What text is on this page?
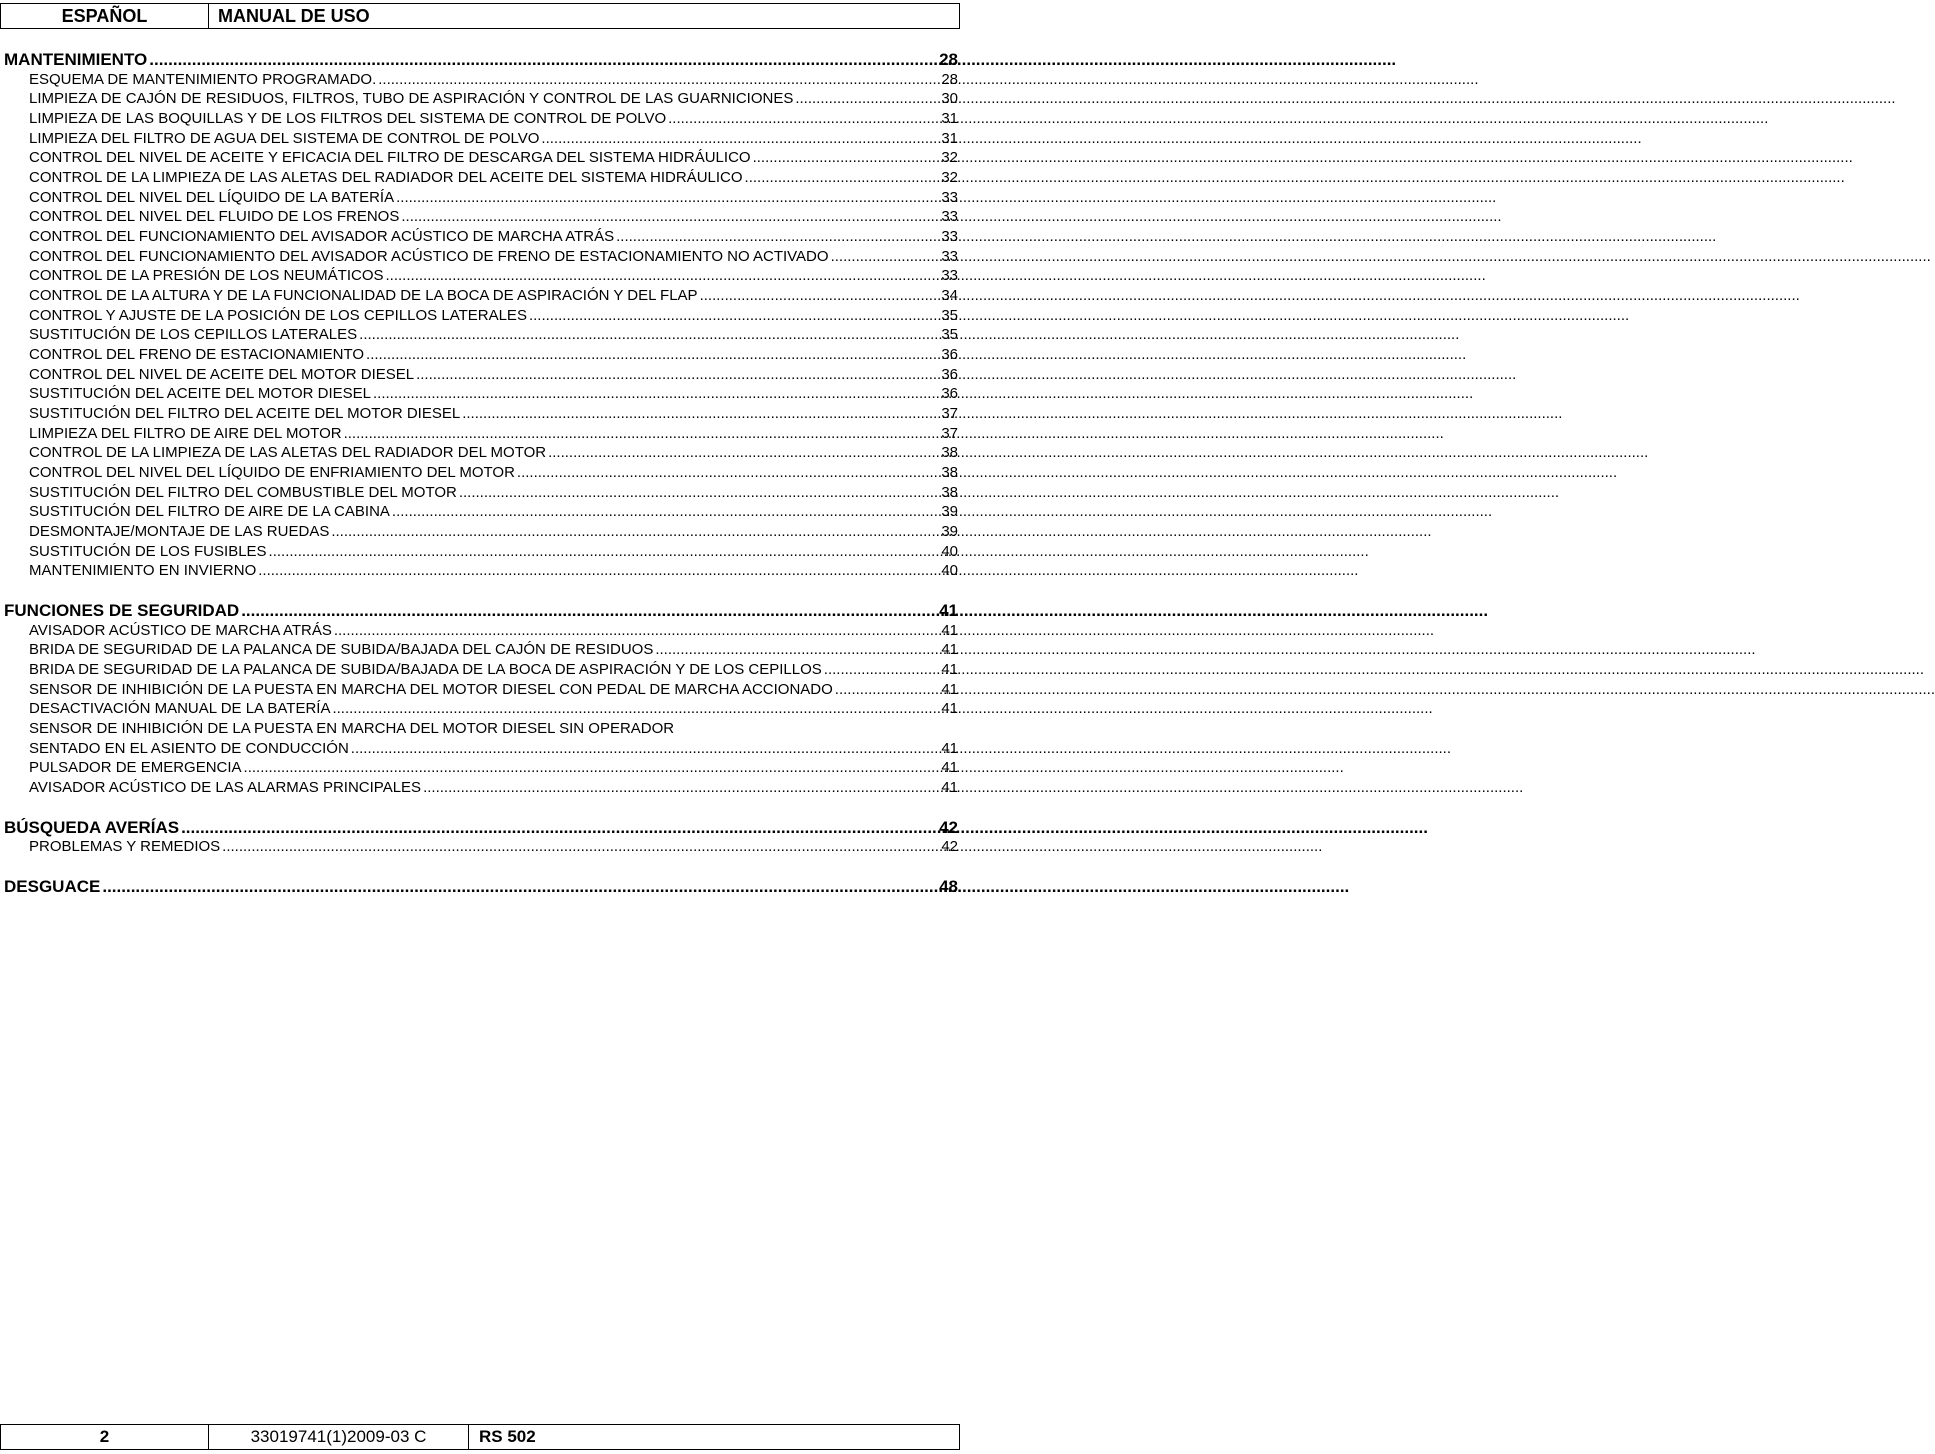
ESPAÑOL	MANUAL DE USO
MANTENIMIENTO .....	28
ESQUEMA DE MANTENIMIENTO PROGRAMADO. .....	28
LIMPIEZA DE CAJÓN DE RESIDUOS, FILTROS, TUBO DE ASPIRACIÓN Y CONTROL DE LAS GUARNICIONES .....	30
LIMPIEZA DE LAS BOQUILLAS Y DE LOS FILTROS DEL SISTEMA DE CONTROL DE POLVO .....	31
LIMPIEZA DEL FILTRO DE AGUA DEL SISTEMA DE CONTROL DE POLVO .....	31
CONTROL DEL NIVEL DE ACEITE Y EFICACIA DEL FILTRO DE DESCARGA DEL SISTEMA HIDRÁULICO .....	32
CONTROL DE LA LIMPIEZA DE LAS ALETAS DEL RADIADOR DEL ACEITE DEL SISTEMA HIDRÁULICO .....	32
CONTROL DEL NIVEL DEL LÍQUIDO DE LA BATERÍA .....	33
CONTROL DEL NIVEL DEL FLUIDO DE LOS FRENOS .....	33
CONTROL DEL FUNCIONAMIENTO DEL AVISADOR ACÚSTICO DE MARCHA ATRÁS .....	33
CONTROL DEL FUNCIONAMIENTO DEL AVISADOR ACÚSTICO DE FRENO DE ESTACIONAMIENTO NO ACTIVADO .....	33
CONTROL DE LA PRESIÓN DE LOS NEUMÁTICOS .....	33
CONTROL DE LA ALTURA Y DE LA FUNCIONALIDAD DE LA BOCA DE ASPIRACIÓN Y DEL FLAP .....	34
CONTROL Y AJUSTE DE LA POSICIÓN DE LOS CEPILLOS LATERALES .....	35
SUSTITUCIÓN DE LOS CEPILLOS LATERALES .....	35
CONTROL DEL FRENO DE ESTACIONAMIENTO .....	36
CONTROL DEL NIVEL DE ACEITE DEL MOTOR DIESEL .....	36
SUSTITUCIÓN DEL ACEITE DEL MOTOR DIESEL .....	36
SUSTITUCIÓN DEL FILTRO DEL ACEITE DEL MOTOR DIESEL .....	37
LIMPIEZA DEL FILTRO DE AIRE DEL MOTOR .....	37
CONTROL DE LA LIMPIEZA DE LAS ALETAS DEL RADIADOR DEL MOTOR .....	38
CONTROL DEL NIVEL DEL LÍQUIDO DE ENFRIAMIENTO DEL MOTOR .....	38
SUSTITUCIÓN DEL FILTRO DEL COMBUSTIBLE DEL MOTOR .....	38
SUSTITUCIÓN DEL FILTRO DE AIRE DE LA CABINA .....	39
DESMONTAJE/MONTAJE DE LAS RUEDAS .....	39
SUSTITUCIÓN DE LOS FUSIBLES .....	40
MANTENIMIENTO EN INVIERNO .....	40
FUNCIONES DE SEGURIDAD .....	41
AVISADOR ACÚSTICO DE MARCHA ATRÁS .....	41
BRIDA DE SEGURIDAD DE LA PALANCA DE SUBIDA/BAJADA DEL CAJÓN DE RESIDUOS .....	41
BRIDA DE SEGURIDAD DE LA PALANCA DE SUBIDA/BAJADA DE LA BOCA DE ASPIRACIÓN Y DE LOS CEPILLOS .....	41
SENSOR DE INHIBICIÓN DE LA PUESTA EN MARCHA DEL MOTOR DIESEL CON PEDAL DE MARCHA ACCIONADO .....	41
DESACTIVACIÓN MANUAL DE LA BATERÍA .....	41
SENSOR DE INHIBICIÓN DE LA PUESTA EN MARCHA DEL MOTOR DIESEL SIN OPERADOR
SENTADO EN EL ASIENTO DE CONDUCCIÓN .....	41
PULSADOR DE EMERGENCIA .....	41
AVISADOR ACÚSTICO DE LAS ALARMAS PRINCIPALES .....	41
BÚSQUEDA AVERÍAS .....	42
PROBLEMAS Y REMEDIOS .....	42
DESGUACE .....	48
2	33019741(1)2009-03 C	RS 502
